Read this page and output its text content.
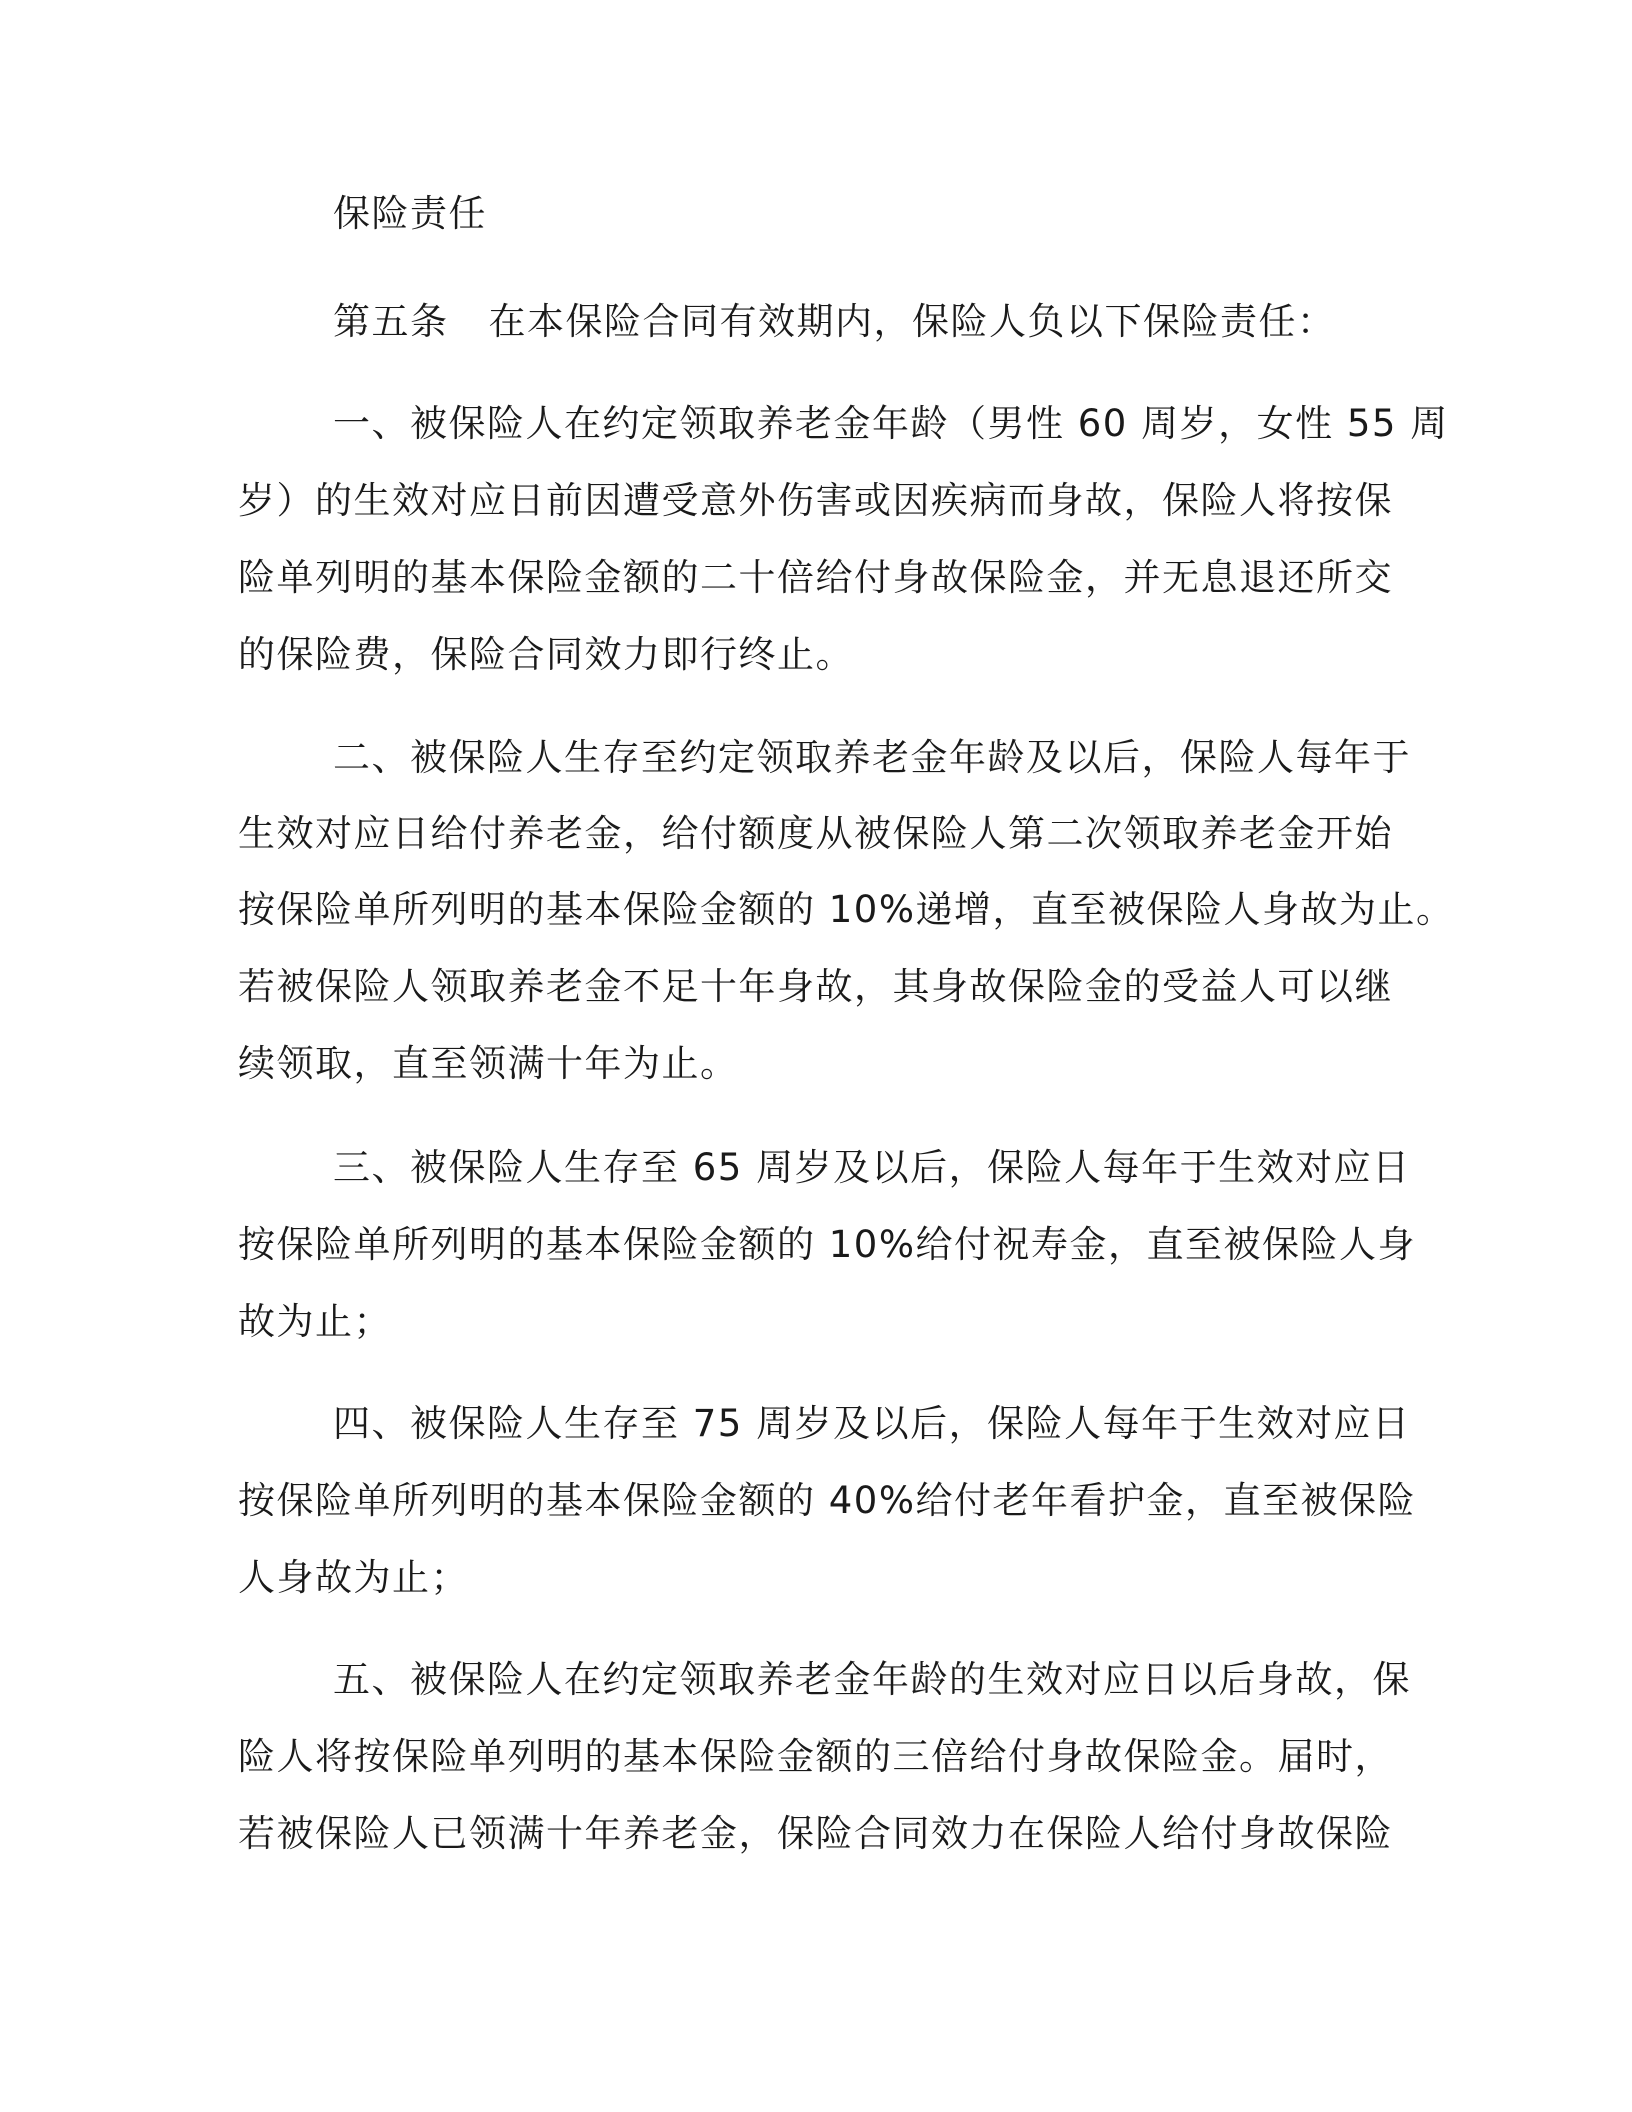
保险责任
第五条 在本保险合同有效期内，保险人负以下保险责任：
一、被保险人在约定领取养老金年龄（男性 60 周岁，女性 55 周
岁）的生效对应日前因遭受意外伤害或因疾病而身故，保险人将按保
险单列明的基本保险金额的二十倍给付身故保险金，并无息退还所交
的保险费，保险合同效力即行终止。
二、被保险人生存至约定领取养老金年龄及以后，保险人每年于
生效对应日给付养老金，给付额度从被保险人第二次领取养老金开始
按保险单所列明的基本保险金额的 10%递增，直至被保险人身故为止。
若被保险人领取养老金不足十年身故，其身故保险金的受益人可以继
续领取，直至领满十年为止。
三、被保险人生存至 65 周岁及以后，保险人每年于生效对应日
按保险单所列明的基本保险金额的 10%给付祝寿金，直至被保险人身
故为止；
四、被保险人生存至 75 周岁及以后，保险人每年于生效对应日
按保险单所列明的基本保险金额的 40%给付老年看护金，直至被保险
人身故为止；
五、被保险人在约定领取养老金年龄的生效对应日以后身故，保
险人将按保险单列明的基本保险金额的三倍给付身故保险金。届时，
若被保险人已领满十年养老金，保险合同效力在保险人给付身故保险
